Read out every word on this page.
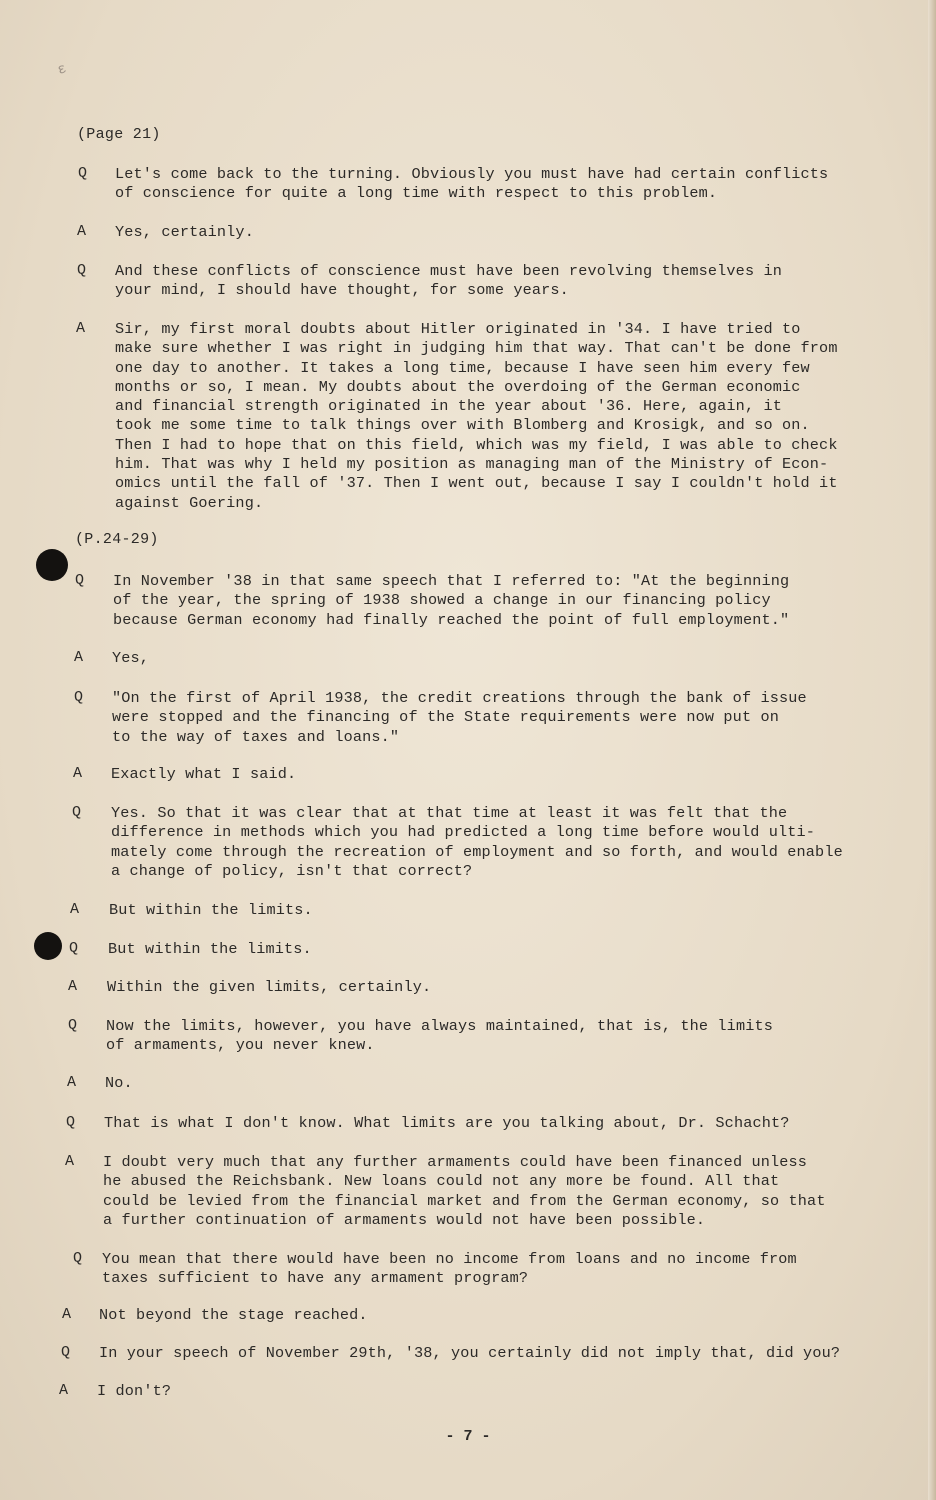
ε
(Page 21)
(P.24-29)
Q Let's come back to the turning. Obviously you must have had certain conflicts
of conscience for quite a long time with respect to this problem.
A Yes, certainly.
Q And these conflicts of conscience must have been revolving themselves in
your mind, I should have thought, for some years.
A Sir, my first moral doubts about Hitler originated in '34. I have tried to
make sure whether I was right in judging him that way. That can't be done from
one day to another. It takes a long time, because I have seen him every few
months or so, I mean. My doubts about the overdoing of the German economic
and financial strength originated in the year about '36. Here, again, it
took me some time to talk things over with Blomberg and Krosigk, and so on.
Then I had to hope that on this field, which was my field, I was able to check
him. That was why I held my position as managing man of the Ministry of Econ-
omics until the fall of '37. Then I went out, because I say I couldn't hold it
against Goering.
Q In November '38 in that same speech that I referred to: "At the beginning
of the year, the spring of 1938 showed a change in our financing policy
because German economy had finally reached the point of full employment."
A Yes,
Q "On the first of April 1938, the credit creations through the bank of issue
were stopped and the financing of the State requirements were now put on
to the way of taxes and loans."
A Exactly what I said.
Q Yes. So that it was clear that at that time at least it was felt that the
difference in methods which you had predicted a long time before would ulti-
mately come through the recreation of employment and so forth, and would enable
a change of policy, isn't that correct?
A But within the limits.
Q But within the limits.
A Within the given limits, certainly.
Q Now the limits, however, you have always maintained, that is, the limits
of armaments, you never knew.
A No.
Q That is what I don't know. What limits are you talking about, Dr. Schacht?
A I doubt very much that any further armaments could have been financed unless
he abused the Reichsbank. New loans could not any more be found. All that
could be levied from the financial market and from the German economy, so that
a further continuation of armaments would not have been possible.
Q You mean that there would have been no income from loans and no income from
taxes sufficient to have any armament program?
A Not beyond the stage reached.
Q In your speech of November 29th, '38, you certainly did not imply that, did you?
A I don't?
- 7 -
